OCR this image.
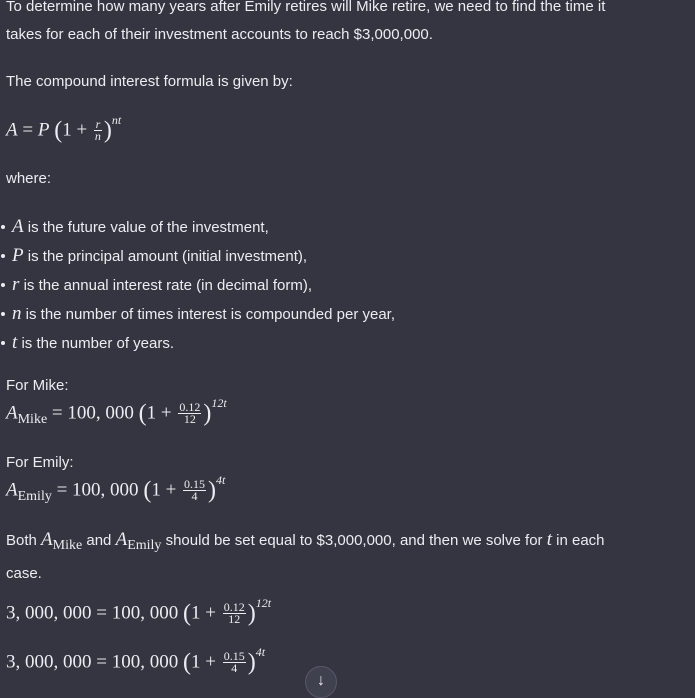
To determine how many years after Emily retires will Mike retire, we need to find the time it takes for each of their investment accounts to reach $3,000,000.

The compound interest formula is given by:

A = P $(1 + \frac{r}{n} )^{nt}$

where:

A is the future value of the investment,
P is the principal amount (initial investment),
r is the annual interest rate (in decimal form),
n is the number of times interest is compounded per year,
t is the number of years.

For Mike:

$A_{Mike} = 100$, 000 $(1 + \frac{0.12}{12} )^{12t}$

For Emily:

$A_{Emily} = 100$, 000 $(1 + \frac{0.15}{4} )^{4t}$

Both $A_{Mike}$ and $A_{Emily}$ should be set equal to $3,000,000, and then we solve for t in each case.

3, 000, 000 = 100, 000 $(1 + \frac{0.12}{12} )^{12t}$
3, 000, 000 = 100, 000 $(1 + \frac{0.15}{4} )^{4t}$
↓
